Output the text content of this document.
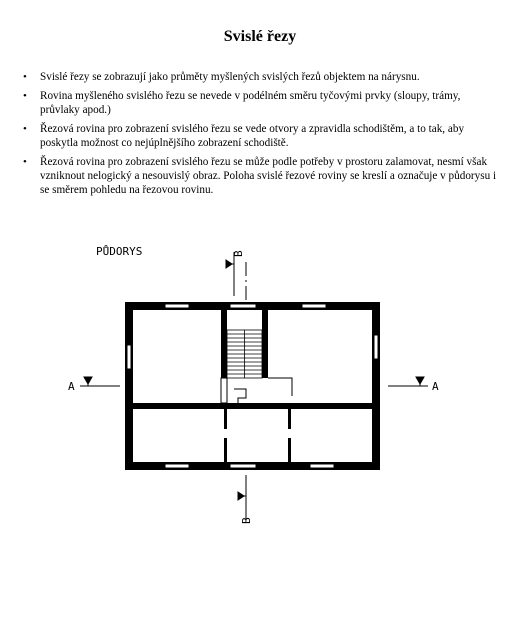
Svislé řezy
• Svislé řezy se zobrazují jako průměty myšlených svislých řezů objektem na nárysnu.
• Rovina myšleného svislého řezu se nevede v podélném směru tyčovými prvky (sloupy, trámy, průvlaky apod.)
• Řezová rovina pro zobrazení svislého řezu se vede otvory a zpravidla schodištěm, a to tak, aby poskytla možnost co nejúplnějšího zobrazení schodiště.
• Řezová rovina pro zobrazení svislého řezu se může podle potřeby v prostoru zalamovat, nesmí však vzniknout nelogický a nesouvislý obraz. Poloha svislé řezové roviny se kreslí a označuje v půdorysu i se směrem pohledu na řezovou rovinu.
PŮDORYS
A	A
B
B
